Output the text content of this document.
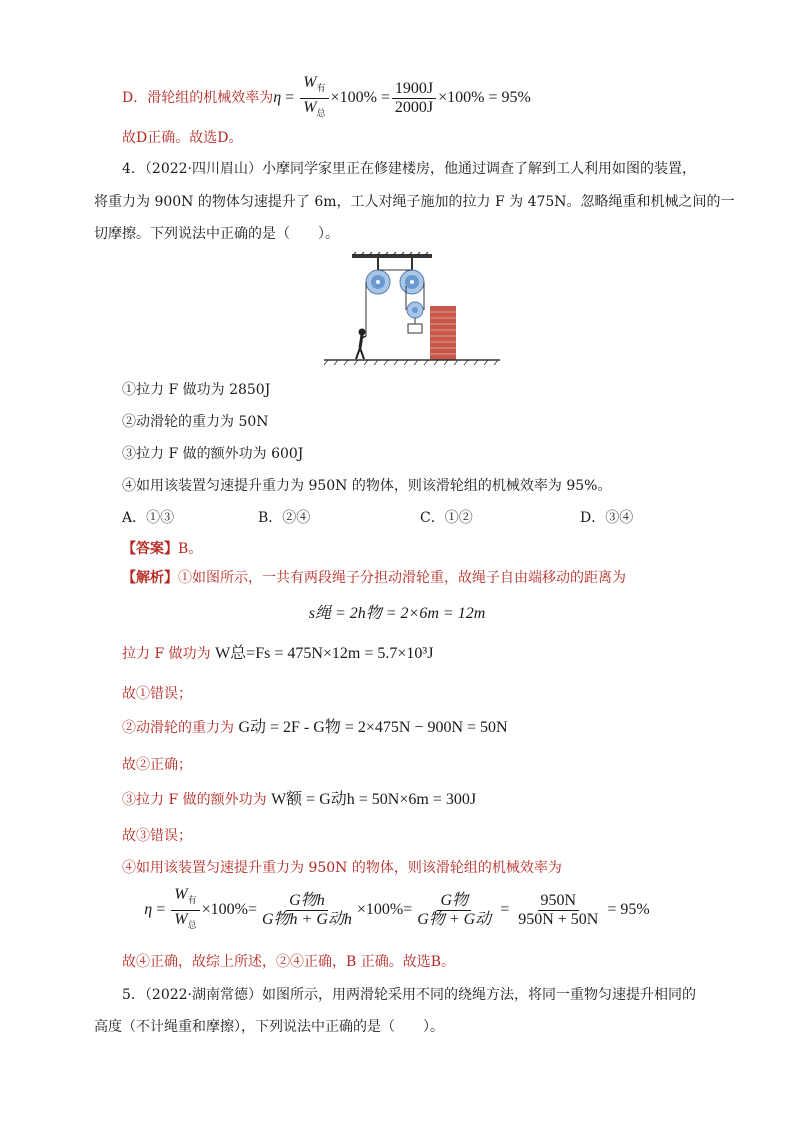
D．滑轮组的机械效率为 $\eta = \frac{W_有}{W_总} \times 100\% = \frac{1900J}{2000J} \times 100\% = 95\%$
故D正确。故选D。
4．（2022·四川眉山）小摩同学家里正在修建楼房，他通过调查了解到工人利用如图的装置，
将重力为 900N 的物体匀速提升了 6m，工人对绳子施加的拉力 F 为 475N。忽略绳重和机械之间的一
切摩擦。下列说法中正确的是（　　）。
①拉力 F 做功为 2850J
②动滑轮的重力为 50N
③拉力 F 做的额外功为 600J
④如用该装置匀速提升重力为 950N 的物体，则该滑轮组的机械效率为 95%。
A．①③	B．②④	C．①②	D．③④
【答案】B。
【解析】①如图所示，一共有两段绳子分担动滑轮重，故绳子自由端移动的距离为
s绳 = 2h物 = 2×6m = 12m
拉力 F 做功为 W总=Fs = 475N×12m = 5.7×10³J
故①错误；
②动滑轮的重力为 G动 = 2F - G物 = 2×475N − 900N = 50N
故②正确；
③拉力 F 做的额外功为 W额 = G动h = 50N×6m = 300J
故③错误；
④如用该装置匀速提升重力为 950N 的物体，则该滑轮组的机械效率为
$\eta = \frac{W_有}{W_总} \times 100\%= \frac{\text{G物h}}{\text{G物h + G动h}} \times 100\%= \frac{\text{G物}}{\text{G物 + G动}} = \frac{950N}{950N + 50N} = 95\%$
故④正确，故综上所述，②④正确，B 正确。故选B。
5．（2022·湖南常德）如图所示，用两滑轮采用不同的绕绳方法，将同一重物匀速提升相同的
高度（不计绳重和摩擦），下列说法中正确的是（　　）。
